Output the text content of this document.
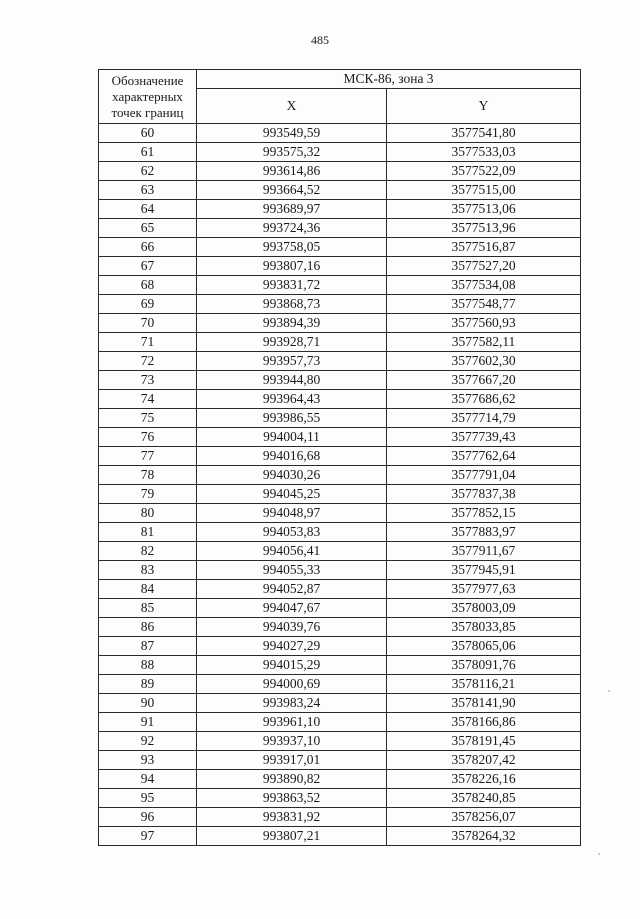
485
Обозначение характерных точек границ	МСК-86, зона 3	
	X	Y
60	993549,59	3577541,80
61	993575,32	3577533,03
62	993614,86	3577522,09
63	993664,52	3577515,00
64	993689,97	3577513,06
65	993724,36	3577513,96
66	993758,05	3577516,87
67	993807,16	3577527,20
68	993831,72	3577534,08
69	993868,73	3577548,77
70	993894,39	3577560,93
71	993928,71	3577582,11
72	993957,73	3577602,30
73	993944,80	3577667,20
74	993964,43	3577686,62
75	993986,55	3577714,79
76	994004,11	3577739,43
77	994016,68	3577762,64
78	994030,26	3577791,04
79	994045,25	3577837,38
80	994048,97	3577852,15
81	994053,83	3577883,97
82	994056,41	3577911,67
83	994055,33	3577945,91
84	994052,87	3577977,63
85	994047,67	3578003,09
86	994039,76	3578033,85
87	994027,29	3578065,06
88	994015,29	3578091,76
89	994000,69	3578116,21
90	993983,24	3578141,90
91	993961,10	3578166,86
92	993937,10	3578191,45
93	993917,01	3578207,42
94	993890,82	3578226,16
95	993863,52	3578240,85
96	993831,92	3578256,07
97	993807,21	3578264,32
